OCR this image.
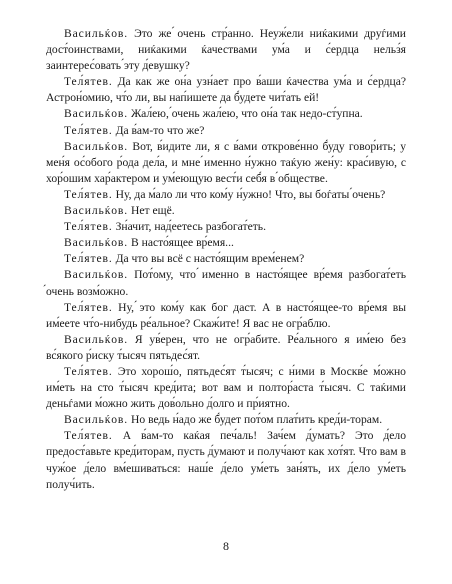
Васильќов. Это же ́очень стр́анно. Неуж́ели ниќакими друѓими дост́оинствами, ниќакими ќачествами ум́а и с́ердца нельз́я заинтерес́овать ́эту д́евушку?

Тел́ятев. Да как же он́а узн́ает про в́аши ќачества ум́а и с́ердца? Астрон́омию, чт́о ли, вы нап́ишете да б́удете чит́ать ей!

Васильќов. Жал́ею, ́очень жал́ею, что он́а так недо-ст́упна.

Тел́ятев. Да в́ам-то что же?

Васильќов. Вот, в́идите ли, я с в́ами открове́нно б́уду говор́ить; у мен́я ос́обого р́ода дел́а, и мне ́именно н́ужно таќую жен́у: крас́ивую, с хор́ошим хар́актером и ум́еющую вест́и себ́я в ́обществе.

Тел́ятев. Ну, да м́ало ли что ком́у н́ужно! Что, вы боѓаты ́очень?

Васильќов. Нет ещё.

Тел́ятев. Зн́ачит, над́еетесь разбогат́еть.

Васильќов. В насто́ящее вр́емя...

Тел́ятев. Да что вы всё с насто́ящим врем́енем?

Васильќов. Пот́ому, что ́именно в насто́ящее вр́емя разбогат́еть ́очень возм́ожно.

Тел́ятев. Ну, ́это ком́у как бог даст. А в насто́ящее-то вр́емя вы им́еете чт́о-нибудь ре́альное? Скаж́ите! Я вас не огр́аблю.

Васильќов. Я ув́ерен, что не огр́абите. Ре́ального я им́ею без вс́якого р́иску т́ысяч пятьдес́ят.

Тел́ятев. Это хорош́о, пятьдес́ят т́ысяч; с н́ими в Москв́е м́ожно им́еть на сто т́ысяч кред́ита; вот вам и полтор́аста т́ысяч. С таќими деньѓами м́ожно жить дов́ольно д́олго и пр́иятно.

Васильќов. Но ведь н́адо же б́удет пот́ом плат́ить кред́и-торам.

Тел́ятев. А в́ам-то каќая печ́аль! Зач́ем д́умать? Это д́ело предост́авьте кред́иторам, пусть д́умают и получ́ают как хот́ят. Что вам в чуж́ое д́ело вм́ешиваться: наш́е д́ело ум́еть зан́ять, их д́ело ум́еть получ́ить.

8
